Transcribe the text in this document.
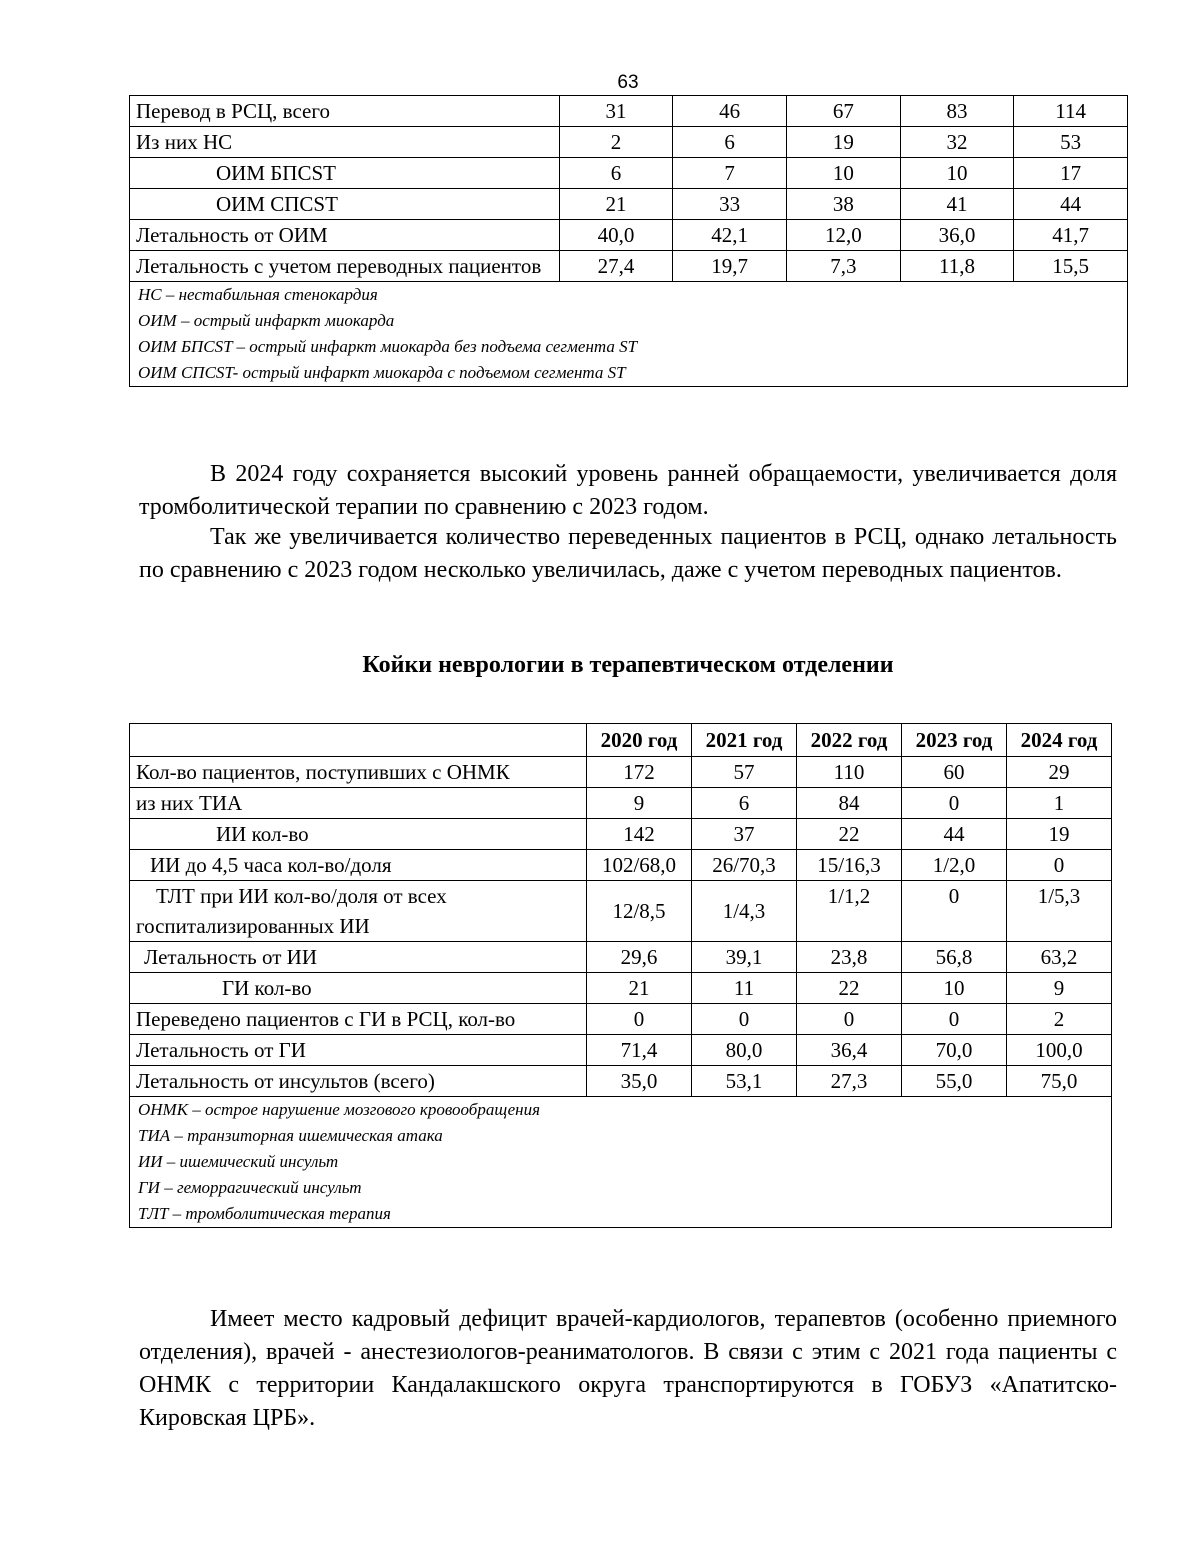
63
Перевод в РСЦ, всего	31	46	67	83	114
Из них НС	2	6	19	32	53
ОИМ БПСST	6	7	10	10	17
ОИМ СПСST	21	33	38	41	44
Летальность от ОИМ	40,0	42,1	12,0	36,0	41,7
Летальность с учетом переводных пациентов	27,4	19,7	7,3	11,8	15,5

НС – нестабильная стенокардия
ОИМ – острый инфаркт миокарда
ОИМ БПСST – острый инфаркт миокарда без подъема сегмента ST
ОИМ СПСST- острый инфаркт миокарда с подъемом сегмента ST					

В 2024 году сохраняется высокий уровень ранней обращаемости, увеличивается доля тромболитической терапии по сравнению с 2023 годом.

Так же увеличивается количество переведенных пациентов в РСЦ, однако летальность по сравнению с 2023 годом несколько увеличилась, даже с учетом переводных пациентов.

Койки неврологии в терапевтическом отделении
	2020 год	2021 год	2022 год	2023 год	2024 год
Кол-во пациентов, поступивших с ОНМК	172	57	110	60	29
из них ТИА	9	6	84	0	1
ИИ кол-во	142	37	22	44	19
ИИ до 4,5 часа кол-во/доля	102/68,0	26/70,3	15/16,3	1/2,0	0
ТЛТ при ИИ кол-во/доля от всех госпитализированных ИИ	12/8,5	1/4,3	1/1,2	0	1/5,3
Летальность от ИИ	29,6	39,1	23,8	56,8	63,2
ГИ кол-во	21	11	22	10	9
Переведено пациентов с ГИ в РСЦ, кол-во	0	0	0	0	2
Летальность от ГИ	71,4	80,0	36,4	70,0	100,0
Летальность от инсультов (всего)	35,0	53,1	27,3	55,0	75,0

ОНМК – острое нарушение мозгового кровообращения
ТИА – транзиторная ишемическая атака
ИИ – ишемический инсульт
ГИ – геморрагический инсульт
ТЛТ – тромболитическая терапия					

Имеет место кадровый дефицит врачей-кардиологов, терапевтов (особенно приемного отделения), врачей - анестезиологов-реаниматологов. В связи с этим с 2021 года пациенты с ОНМК с территории Кандалакшского округа транспортируются в ГОБУЗ «Апатитско-Кировская ЦРБ».
